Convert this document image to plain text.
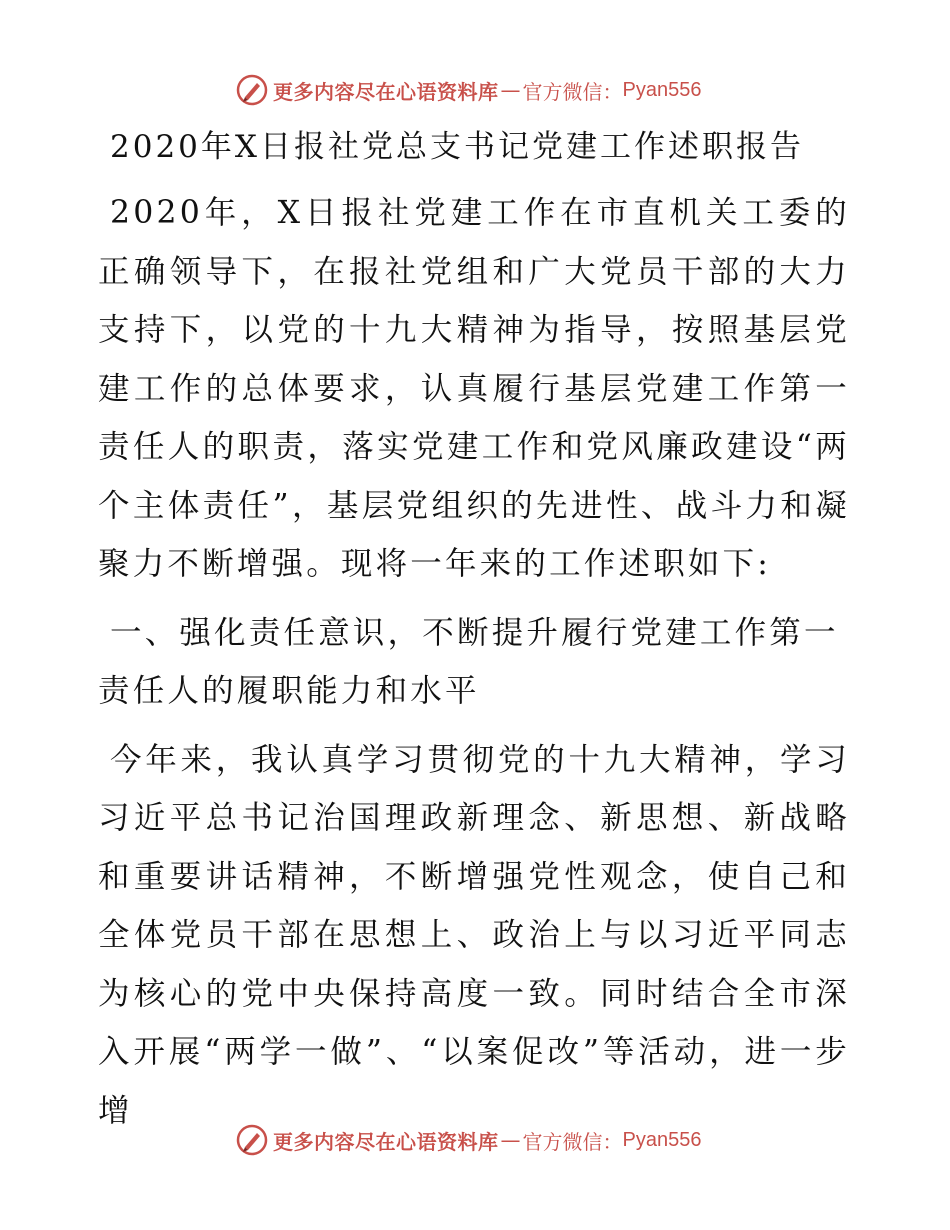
更多内容尽在心语资料库 — 官方微信： Pyan556
2020年X日报社党总支书记党建工作述职报告

2020年，X日报社党建工作在市直机关工委的正确领导下，在报社党组和广大党员干部的大力支持下，以党的十九大精神为指导，按照基层党建工作的总体要求，认真履行基层党建工作第一责任人的职责，落实党建工作和党风廉政建设“两个主体责任”，基层党组织的先进性、战斗力和凝聚力不断增强。现将一年来的工作述职如下:

一、强化责任意识，不断提升履行党建工作第一责任人的履职能力和水平

今年来，我认真学习贯彻党的十九大精神，学习习近平总书记治国理政新理念、新思想、新战略和重要讲话精神，不断增强党性观念，使自己和全体党员干部在思想上、政治上与以习近平同志为核心的党中央保持高度一致。同时结合全市深入开展“两学一做”、“以案促改”等活动，进一步增

更多内容尽在心语资料库 — 官方微信： Pyan556
